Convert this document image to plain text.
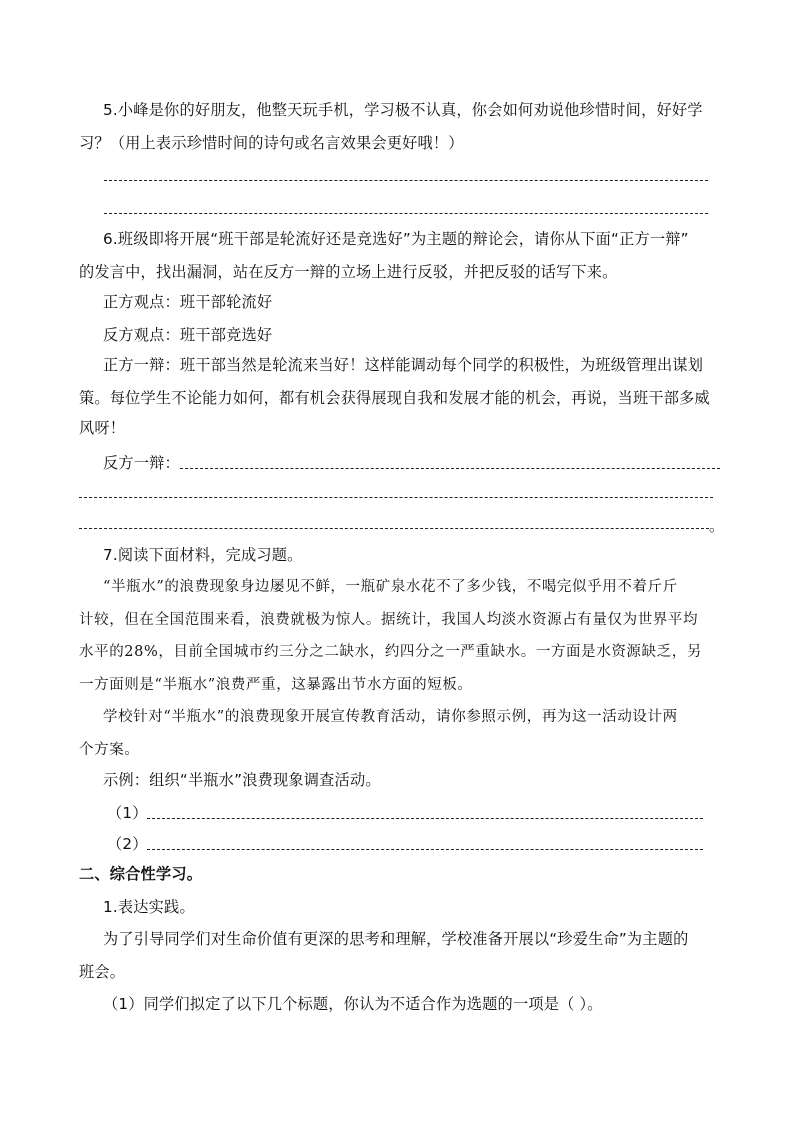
5.小峰是你的好朋友，他整天玩手机，学习极不认真，你会如何劝说他珍惜时间，好好学
习？（用上表示珍惜时间的诗句或名言效果会更好哦！）
6.班级即将开展“班干部是轮流好还是竞选好”为主题的辩论会，请你从下面“正方一辩”
的发言中，找出漏洞，站在反方一辩的立场上进行反驳，并把反驳的话写下来。
正方观点：班干部轮流好
反方观点：班干部竞选好
正方一辩：班干部当然是轮流来当好！这样能调动每个同学的积极性，为班级管理出谋划
策。每位学生不论能力如何，都有机会获得展现自我和发展才能的机会，再说，当班干部多威
风呀！
反方一辩：
。
7.阅读下面材料，完成习题。
“半瓶水”的浪费现象身边屡见不鲜，一瓶矿泉水花不了多少钱，不喝完似乎用不着斤斤
计较，但在全国范围来看，浪费就极为惊人。据统计，我国人均淡水资源占有量仅为世界平均
水平的28%，目前全国城市约三分之二缺水，约四分之一严重缺水。一方面是水资源缺乏，另
一方面则是“半瓶水”浪费严重，这暴露出节水方面的短板。
学校针对“半瓶水”的浪费现象开展宣传教育活动，请你参照示例，再为这一活动设计两
个方案。
示例：组织“半瓶水”浪费现象调查活动。
（1）
（2）
二、综合性学习。
1.表达实践。
为了引导同学们对生命价值有更深的思考和理解，学校准备开展以“珍爱生命”为主题的
班会。
（1）同学们拟定了以下几个标题，你认为不适合作为选题的一项是（ ）。
